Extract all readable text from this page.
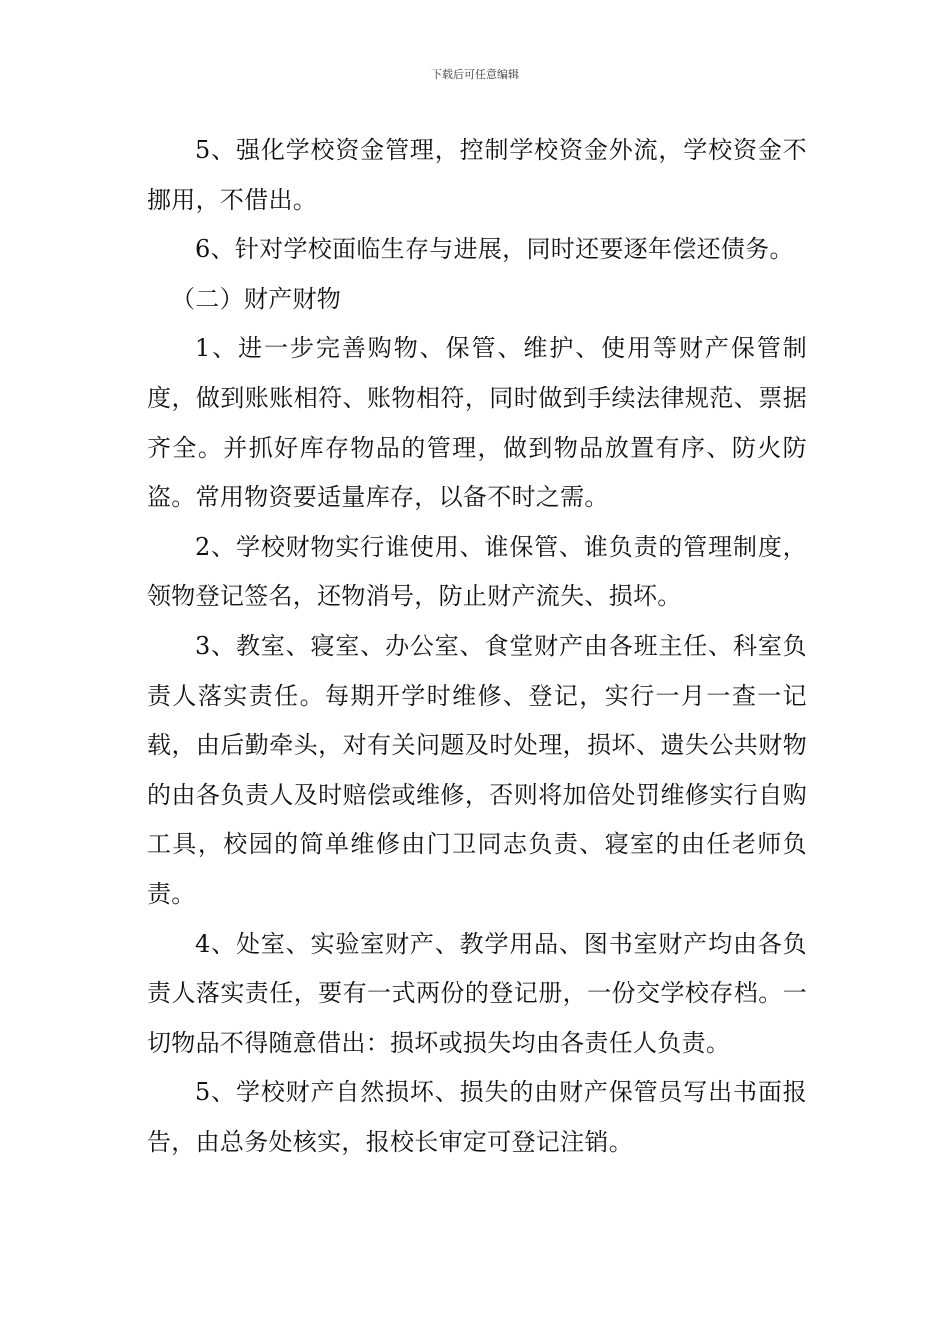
下载后可任意编辑

5、强化学校资金管理，控制学校资金外流，学校资金不挪用，不借出。

6、针对学校面临生存与进展，同时还要逐年偿还债务。

（二）财产财物

1、进一步完善购物、保管、维护、使用等财产保管制度，做到账账相符、账物相符，同时做到手续法律规范、票据齐全。并抓好库存物品的管理，做到物品放置有序、防火防盗。常用物资要适量库存，以备不时之需。

2、学校财物实行谁使用、谁保管、谁负责的管理制度，领物登记签名，还物消号，防止财产流失、损坏。

3、教室、寝室、办公室、食堂财产由各班主任、科室负责人落实责任。每期开学时维修、登记，实行一月一查一记载，由后勤牵头，对有关问题及时处理，损坏、遗失公共财物的由各负责人及时赔偿或维修，否则将加倍处罚维修实行自购工具，校园的简单维修由门卫同志负责、寝室的由任老师负责。

4、处室、实验室财产、教学用品、图书室财产均由各负责人落实责任，要有一式两份的登记册，一份交学校存档。一切物品不得随意借出：损坏或损失均由各责任人负责。

5、学校财产自然损坏、损失的由财产保管员写出书面报告，由总务处核实，报校长审定可登记注销。
